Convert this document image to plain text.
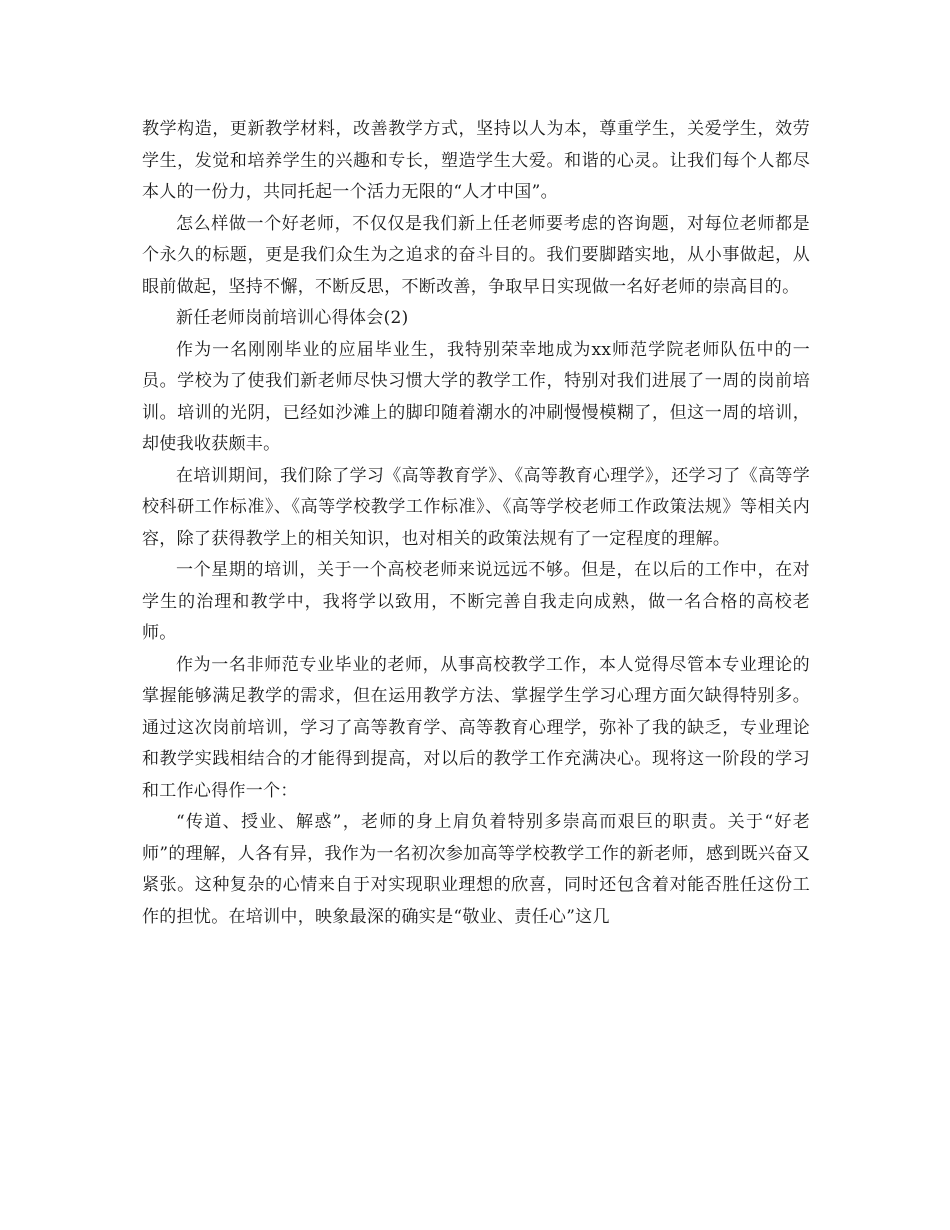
教学构造，更新教学材料，改善教学方式，坚持以人为本，尊重学生，关爱学生，效劳学生，发觉和培养学生的兴趣和专长，塑造学生大爱。和谐的心灵。让我们每个人都尽本人的一份力，共同托起一个活力无限的“人才中国”。

怎么样做一个好老师，不仅仅是我们新上任老师要考虑的咨询题，对每位老师都是个永久的标题，更是我们众生为之追求的奋斗目的。我们要脚踏实地，从小事做起，从眼前做起，坚持不懈，不断反思，不断改善，争取早日实现做一名好老师的崇高目的。

新任老师岗前培训心得体会(2)

作为一名刚刚毕业的应届毕业生，我特别荣幸地成为xx师范学院老师队伍中的一员。学校为了使我们新老师尽快习惯大学的教学工作，特别对我们进展了一周的岗前培训。培训的光阴，已经如沙滩上的脚印随着潮水的冲刷慢慢模糊了，但这一周的培训，却使我收获颇丰。

在培训期间，我们除了学习《高等教育学》、《高等教育心理学》，还学习了《高等学校科研工作标准》、《高等学校教学工作标准》、《高等学校老师工作政策法规》等相关内容，除了获得教学上的相关知识，也对相关的政策法规有了一定程度的理解。

一个星期的培训，关于一个高校老师来说远远不够。但是，在以后的工作中，在对学生的治理和教学中，我将学以致用，不断完善自我走向成熟，做一名合格的高校老师。

作为一名非师范专业毕业的老师，从事高校教学工作，本人觉得尽管本专业理论的掌握能够满足教学的需求，但在运用教学方法、掌握学生学习心理方面欠缺得特别多。通过这次岗前培训，学习了高等教育学、高等教育心理学，弥补了我的缺乏，专业理论和教学实践相结合的才能得到提高，对以后的教学工作充满决心。现将这一阶段的学习和工作心得作一个：

“传道、授业、解惑”，老师的身上肩负着特别多崇高而艰巨的职责。关于“好老师”的理解，人各有异，我作为一名初次参加高等学校教学工作的新老师，感到既兴奋又紧张。这种复杂的心情来自于对实现职业理想的欣喜，同时还包含着对能否胜任这份工作的担忧。在培训中，映象最深的确实是“敬业、责任心”这几
